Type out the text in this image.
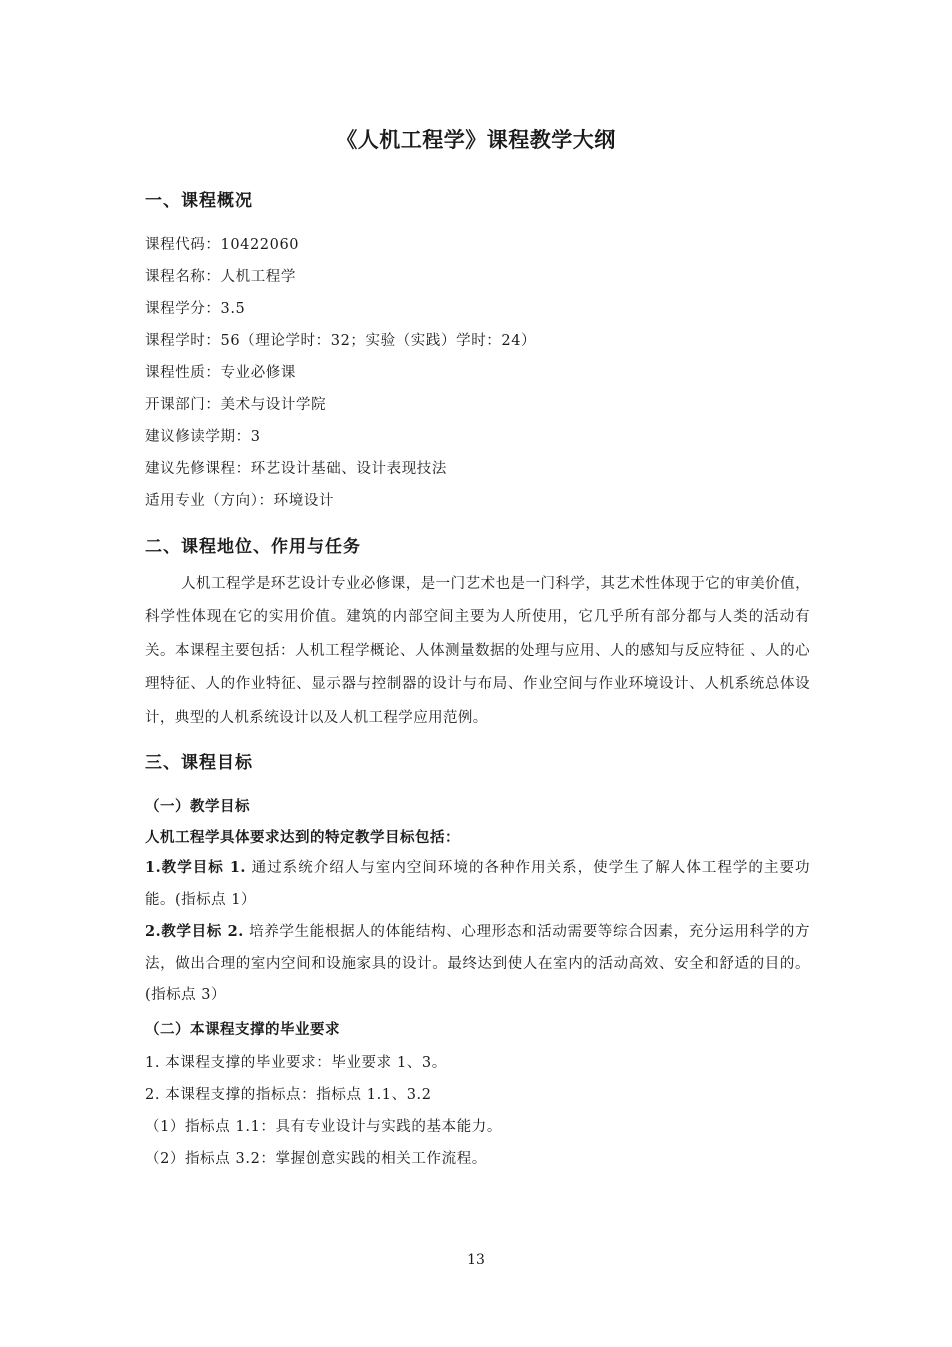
《人机工程学》课程教学大纲
一、课程概况
课程代码：10422060
课程名称：人机工程学
课程学分：3.5
课程学时：56（理论学时：32；实验（实践）学时：24）
课程性质：专业必修课
开课部门：美术与设计学院
建议修读学期：3
建议先修课程：环艺设计基础、设计表现技法
适用专业（方向）：环境设计
二、课程地位、作用与任务
人机工程学是环艺设计专业必修课，是一门艺术也是一门科学，其艺术性体现于它的审美价值，科学性体现在它的实用价值。建筑的内部空间主要为人所使用，它几乎所有部分都与人类的活动有关。本课程主要包括：人机工程学概论、人体测量数据的处理与应用、人的感知与反应特征 、人的心理特征、人的作业特征、显示器与控制器的设计与布局、作业空间与作业环境设计、人机系统总体设计，典型的人机系统设计以及人机工程学应用范例。
三、课程目标
（一）教学目标
人机工程学具体要求达到的特定教学目标包括：
1.教学目标 1. 通过系统介绍人与室内空间环境的各种作用关系，使学生了解人体工程学的主要功能。(指标点 1）
2.教学目标 2. 培养学生能根据人的体能结构、心理形态和活动需要等综合因素，充分运用科学的方法，做出合理的室内空间和设施家具的设计。最终达到使人在室内的活动高效、安全和舒适的目的。(指标点 3）
（二）本课程支撑的毕业要求
1. 本课程支撑的毕业要求：毕业要求 1、3。
2. 本课程支撑的指标点：指标点 1.1、3.2
（1）指标点 1.1：具有专业设计与实践的基本能力。
（2）指标点 3.2：掌握创意实践的相关工作流程。
13
